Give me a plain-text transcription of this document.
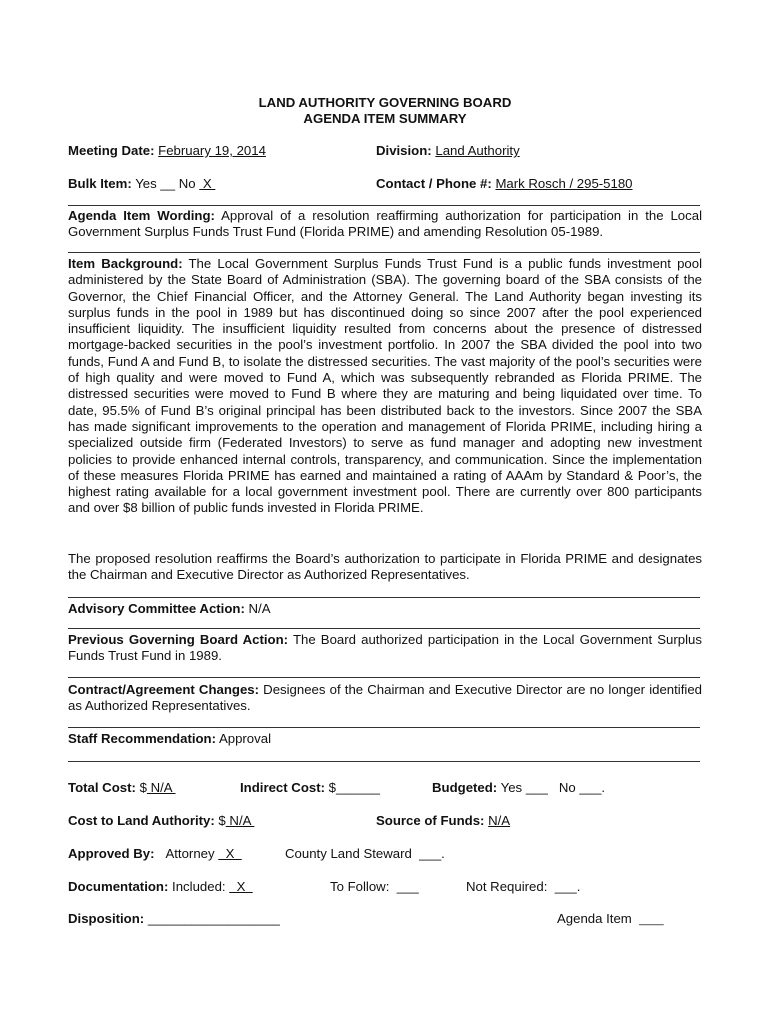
LAND AUTHORITY GOVERNING BOARD
AGENDA ITEM SUMMARY
Meeting Date: February 19, 2014	Division: Land Authority
Bulk Item: Yes __ No  X	Contact / Phone #: Mark Rosch / 295-5180
Agenda Item Wording: Approval of a resolution reaffirming authorization for participation in the Local Government Surplus Funds Trust Fund (Florida PRIME) and amending Resolution 05-1989.
Item Background: The Local Government Surplus Funds Trust Fund is a public funds investment pool administered by the State Board of Administration (SBA). The governing board of the SBA consists of the Governor, the Chief Financial Officer, and the Attorney General. The Land Authority began investing its surplus funds in the pool in 1989 but has discontinued doing so since 2007 after the pool experienced insufficient liquidity. The insufficient liquidity resulted from concerns about the presence of distressed mortgage-backed securities in the pool’s investment portfolio. In 2007 the SBA divided the pool into two funds, Fund A and Fund B, to isolate the distressed securities. The vast majority of the pool’s securities were of high quality and were moved to Fund A, which was subsequently rebranded as Florida PRIME. The distressed securities were moved to Fund B where they are maturing and being liquidated over time. To date, 95.5% of Fund B’s original principal has been distributed back to the investors. Since 2007 the SBA has made significant improvements to the operation and management of Florida PRIME, including hiring a specialized outside firm (Federated Investors) to serve as fund manager and adopting new investment policies to provide enhanced internal controls, transparency, and communication. Since the implementation of these measures Florida PRIME has earned and maintained a rating of AAAm by Standard & Poor’s, the highest rating available for a local government investment pool. There are currently over 800 participants and over $8 billion of public funds invested in Florida PRIME.
The proposed resolution reaffirms the Board’s authorization to participate in Florida PRIME and designates the Chairman and Executive Director as Authorized Representatives.
Advisory Committee Action: N/A
Previous Governing Board Action: The Board authorized participation in the Local Government Surplus Funds Trust Fund in 1989.
Contract/Agreement Changes: Designees of the Chairman and Executive Director are no longer identified as Authorized Representatives.
Staff Recommendation: Approval
Total Cost: $ N/A	Indirect Cost: $______	Budgeted: Yes ___ No ___.
Cost to Land Authority: $ N/A	Source of Funds: N/A
Approved By: Attorney   X	County Land Steward ___.
Documentation: Included:   X	To Follow: ___	Not Required: ___.
Disposition: __________________	Agenda Item ____
